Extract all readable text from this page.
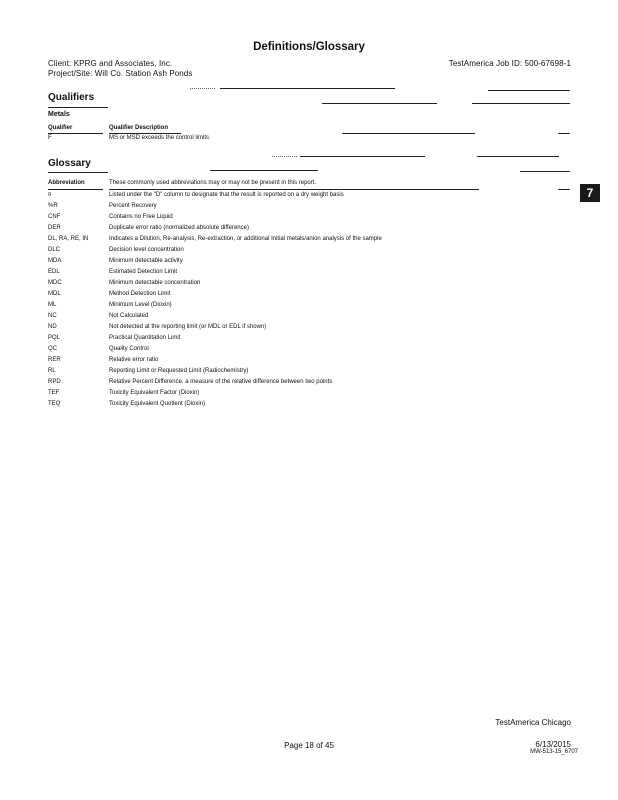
Definitions/Glossary
Client: KPRG and Associates, Inc.
Project/Site: Will Co. Station Ash Ponds
TestAmerica Job ID: 500-67698-1
Qualifiers
Metals
Qualifier	Qualifier Description
F	MS or MSD exceeds the control limits
Glossary
Abbreviation	These commonly used abbreviations may or may not be present in this report.
¤	Listed under the "D" column to designate that the result is reported on a dry weight basis
%R	Percent Recovery
CNF	Contains no Free Liquid
DER	Duplicate error ratio (normalized absolute difference)
DL, RA, RE, IN	Indicates a Dilution, Re-analysis, Re-extraction, or additional Initial metals/anion analysis of the sample
DLC	Decision level concentration
MDA	Minimum detectable activity
EDL	Estimated Detection Limit
MDC	Minimum detectable concentration
MDL	Method Detection Limit
ML	Minimum Level (Dioxin)
NC	Not Calculated
ND	Not detected at the reporting limit (or MDL or EDL if shown)
PQL	Practical Quantitation Limit
QC	Quality Control
RER	Relative error ratio
RL	Reporting Limit or Requested Limit (Radiochemistry)
RPD	Relative Percent Difference, a measure of the relative difference between two points
TEF	Toxicity Equivalent Factor (Dioxin)
TEQ	Toxicity Equivalent Quotient (Dioxin)
7
TestAmerica Chicago
Page 18 of 45	6/13/2015
MW-513-15_6707
